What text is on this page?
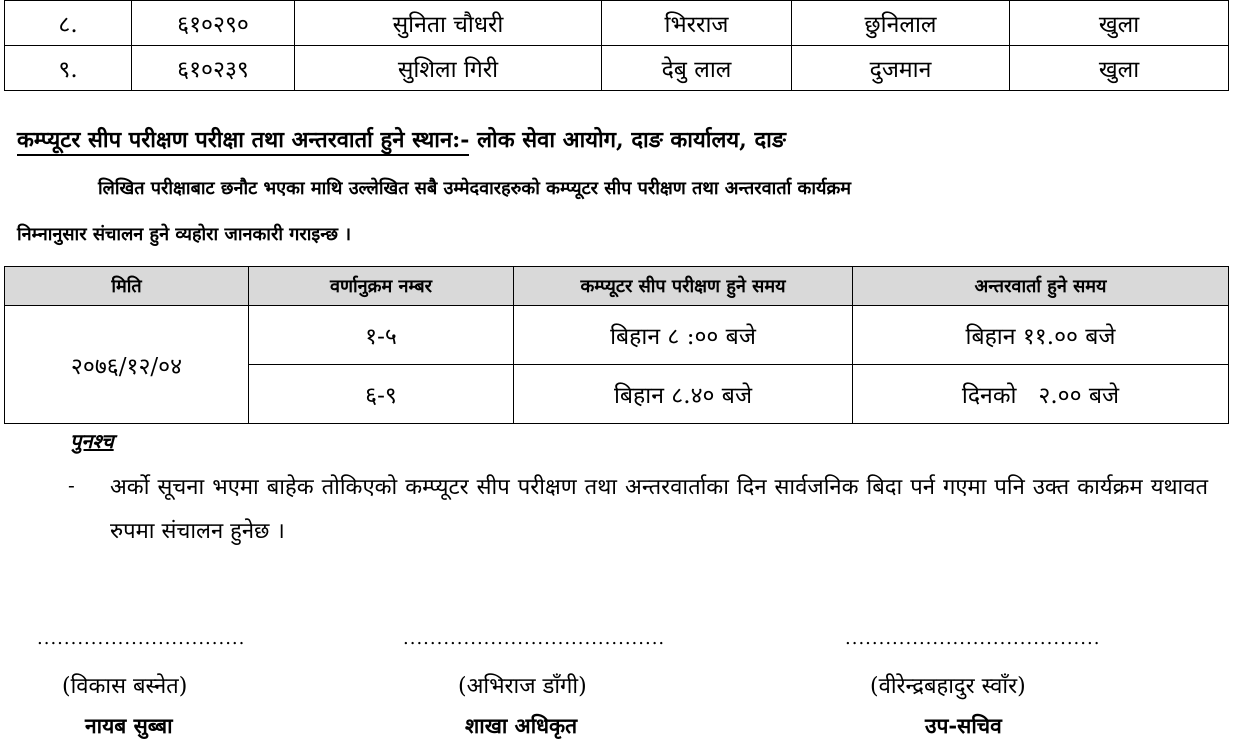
८.	६१०२९०	सुनिता चौधरी	भिरराज	छुनिलाल	खुला
९.	६१०२३९	सुशिला गिरी	देबु लाल	दुजमान	खुला
कम्प्यूटर सीप परीक्षण परीक्षा तथा अन्तरवार्ता हुने स्थान:- लोक सेवा आयोग, दाङ कार्यालय, दाङ
लिखित परीक्षाबाट छनौट भएका माथि उल्लेखित सबै उम्मेदवारहरुको कम्प्यूटर सीप परीक्षण तथा अन्तरवार्ता कार्यक्रम
निम्नानुसार संचालन हुने व्यहोरा जानकारी गराइन्छ ।
मिति	वर्णानुक्रम नम्बर	कम्प्यूटर सीप परीक्षण हुने समय	अन्तरवार्ता हुने समय
२०७६/१२/०४	१-५	बिहान ८ :०० बजे	बिहान ११.०० बजे
	६-९	बिहान ८.४० बजे	दिनको   २.०० बजे
पुनश्च
- अर्को सूचना भएमा बाहेक तोकिएको कम्प्यूटर सीप परीक्षण तथा अन्तरवार्ताका दिन सार्वजनिक बिदा पर्न गएमा पनि उक्त कार्यक्रम यथावत रुपमा संचालन हुनेछ ।
...............................
(विकास बस्नेत)
नायब सुब्बा
.......................................
(अभिराज डाँगी)
शाखा अधिकृत
......................................
(वीरेन्द्रबहादुर स्वाँर)
उप-सचिव
